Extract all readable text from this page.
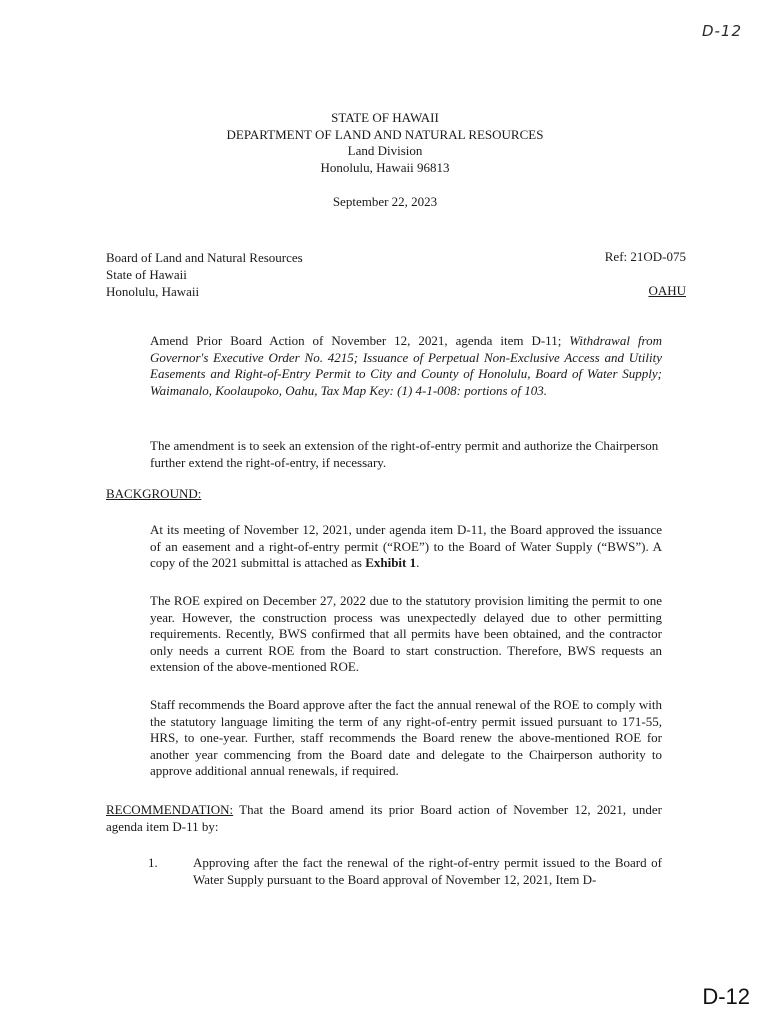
D-12
STATE OF HAWAII
DEPARTMENT OF LAND AND NATURAL RESOURCES
Land Division
Honolulu, Hawaii 96813
September 22, 2023
Board of Land and Natural Resources
State of Hawaii
Honolulu, Hawaii
Ref: 21OD-075
OAHU
Amend Prior Board Action of November 12, 2021, agenda item D-11; Withdrawal from Governor's Executive Order No. 4215; Issuance of Perpetual Non-Exclusive Access and Utility Easements and Right-of-Entry Permit to City and County of Honolulu, Board of Water Supply; Waimanalo, Koolaupoko, Oahu, Tax Map Key: (1) 4-1-008: portions of 103.
The amendment is to seek an extension of the right-of-entry permit and authorize the Chairperson further extend the right-of-entry, if necessary.
BACKGROUND:
At its meeting of November 12, 2021, under agenda item D-11, the Board approved the issuance of an easement and a right-of-entry permit (“ROE”) to the Board of Water Supply (“BWS”). A copy of the 2021 submittal is attached as Exhibit 1.
The ROE expired on December 27, 2022 due to the statutory provision limiting the permit to one year. However, the construction process was unexpectedly delayed due to other permitting requirements. Recently, BWS confirmed that all permits have been obtained, and the contractor only needs a current ROE from the Board to start construction. Therefore, BWS requests an extension of the above-mentioned ROE.
Staff recommends the Board approve after the fact the annual renewal of the ROE to comply with the statutory language limiting the term of any right-of-entry permit issued pursuant to 171-55, HRS, to one-year. Further, staff recommends the Board renew the above-mentioned ROE for another year commencing from the Board date and delegate to the Chairperson authority to approve additional annual renewals, if required.
RECOMMENDATION: That the Board amend its prior Board action of November 12, 2021, under agenda item D-11 by:
1.	Approving after the fact the renewal of the right-of-entry permit issued to the Board of Water Supply pursuant to the Board approval of November 12, 2021, Item D-
D-12
